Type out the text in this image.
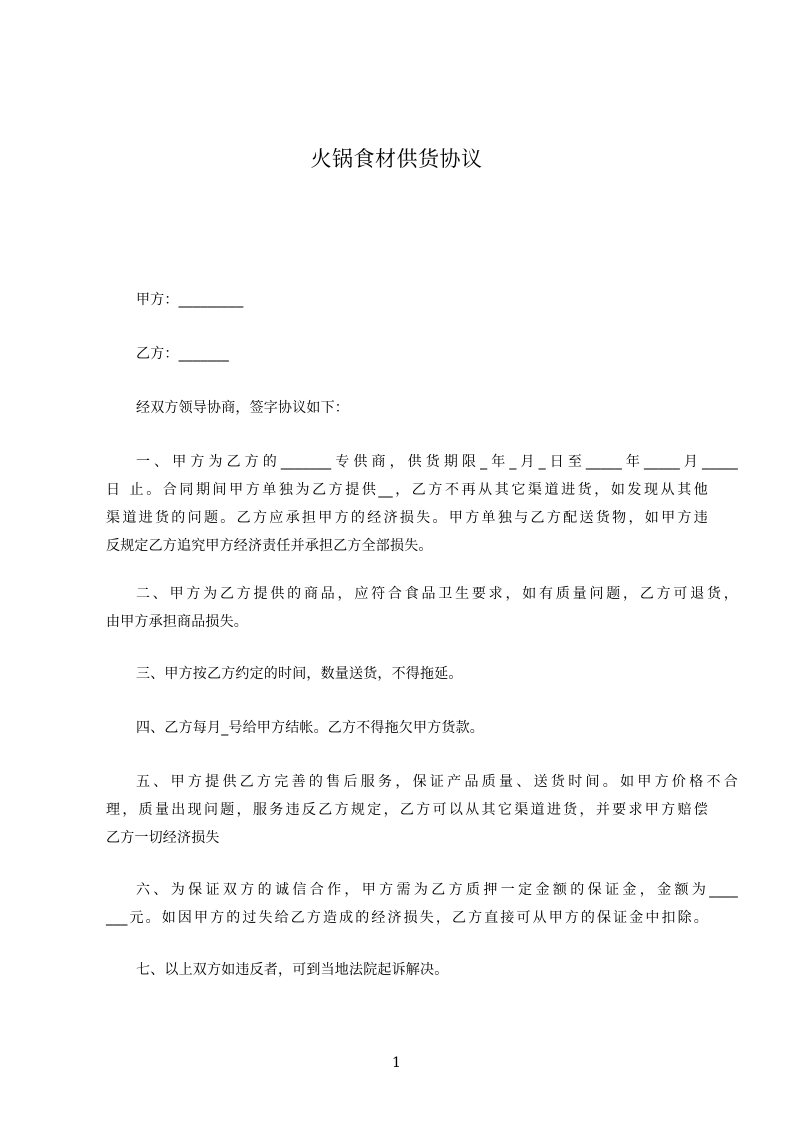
火锅食材供货协议
甲方：_________
乙方：_______
经双方领导协商，签字协议如下：
一、甲方为乙方的_______专供商，供货期限_年_月_日至_____年_____月_____
日 止。合同期间甲方单独为乙方提供__，乙方不再从其它渠道进货，如发现从其他
渠道进货的问题。乙方应承担甲方的经济损失。甲方单独与乙方配送货物，如甲方违
反规定乙方追究甲方经济责任并承担乙方全部损失。
二、甲方为乙方提供的商品，应符合食品卫生要求，如有质量问题，乙方可退货，
由甲方承担商品损失。
三、甲方按乙方约定的时间，数量送货，不得拖延。
四、乙方每月_号给甲方结帐。乙方不得拖欠甲方货款。
五、甲方提供乙方完善的售后服务，保证产品质量、送货时间。如甲方价格不合
理，质量出现问题，服务违反乙方规定，乙方可以从其它渠道进货，并要求甲方赔偿
乙方一切经济损失
六、为保证双方的诚信合作，甲方需为乙方质押一定金额的保证金，金额为____
___元。如因甲方的过失给乙方造成的经济损失，乙方直接可从甲方的保证金中扣除。
七、以上双方如违反者，可到当地法院起诉解决。
1
